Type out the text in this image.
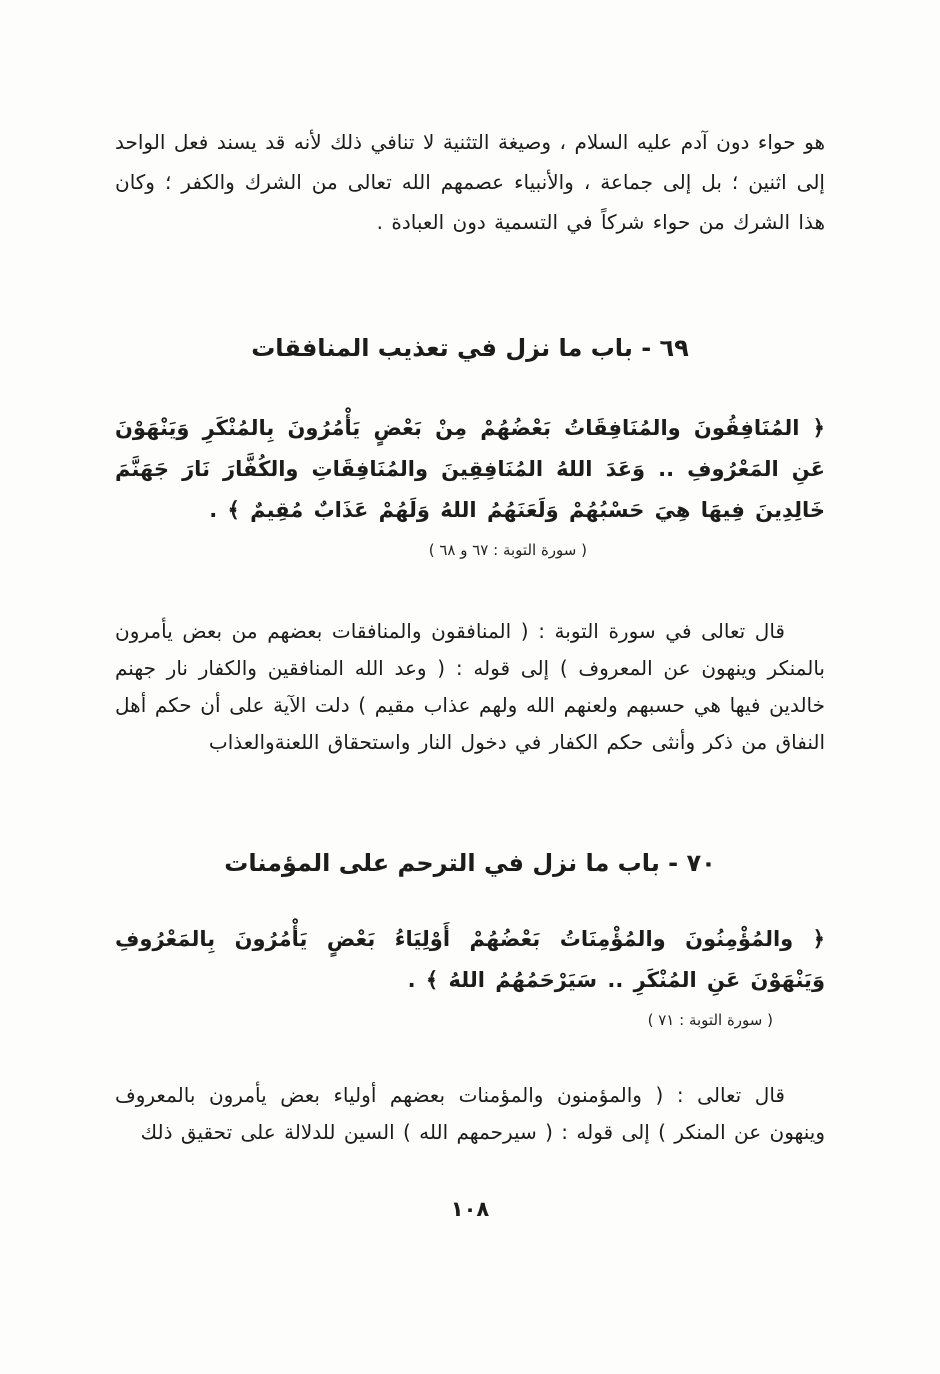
هو حواء دون آدم عليه السلام ، وصيغة التثنية لا تنافي ذلك لأنه قد يسند فعل الواحد إلى اثنين ؛ بل إلى جماعة ، والأنبياء عصمهم الله تعالى من الشرك والكفر ؛ وكان هذا الشرك من حواء شركاً في التسمية دون العبادة .

٦٩ - باب ما نزل في تعذيب المنافقات
﴿ المُنَافِقُونَ والمُنَافِقَاتُ بَعْضُهُمْ مِنْ بَعْضٍ يَأْمُرُونَ بِالمُنْكَرِ وَيَنْهَوْنَ عَنِ المَعْرُوفِ .. وَعَدَ اللهُ المُنَافِقِينَ والمُنَافِقَاتِ والكُفَّارَ نَارَ جَهَنَّمَ خَالِدِينَ فِيهَا هِيَ حَسْبُهُمْ وَلَعَنَهُمُ اللهُ وَلَهُمْ عَذَابٌ مُقِيمٌ ﴾ .
( سورة التوبة : ٦٧ و ٦٨ )

قال تعالى في سورة التوبة : ( المنافقون والمنافقات بعضهم من بعض يأمرون بالمنكر وينهون عن المعروف ) إلى قوله : ( وعد الله المنافقين والكفار نار جهنم خالدين فيها هي حسبهم ولعنهم الله ولهم عذاب مقيم ) دلت الآية على أن حكم أهل النفاق من ذكر وأنثى حكم الكفار في دخول النار واستحقاق اللعنةوالعذاب

٧٠ - باب ما نزل في الترحم على المؤمنات
﴿ والمُؤْمِنُونَ والمُؤْمِنَاتُ بَعْضُهُمْ أَوْلِيَاءُ بَعْضٍ يَأْمُرُونَ بِالمَعْرُوفِ وَيَنْهَوْنَ عَنِ المُنْكَرِ .. سَيَرْحَمُهُمُ اللهُ ﴾ .
( سورة التوبة : ٧١ )

قال تعالى : ( والمؤمنون والمؤمنات بعضهم أولياء بعض يأمرون بالمعروف وينهون عن المنكر ) إلى قوله : ( سيرحمهم الله ) السين للدلالة على تحقيق ذلك

١٠٨
